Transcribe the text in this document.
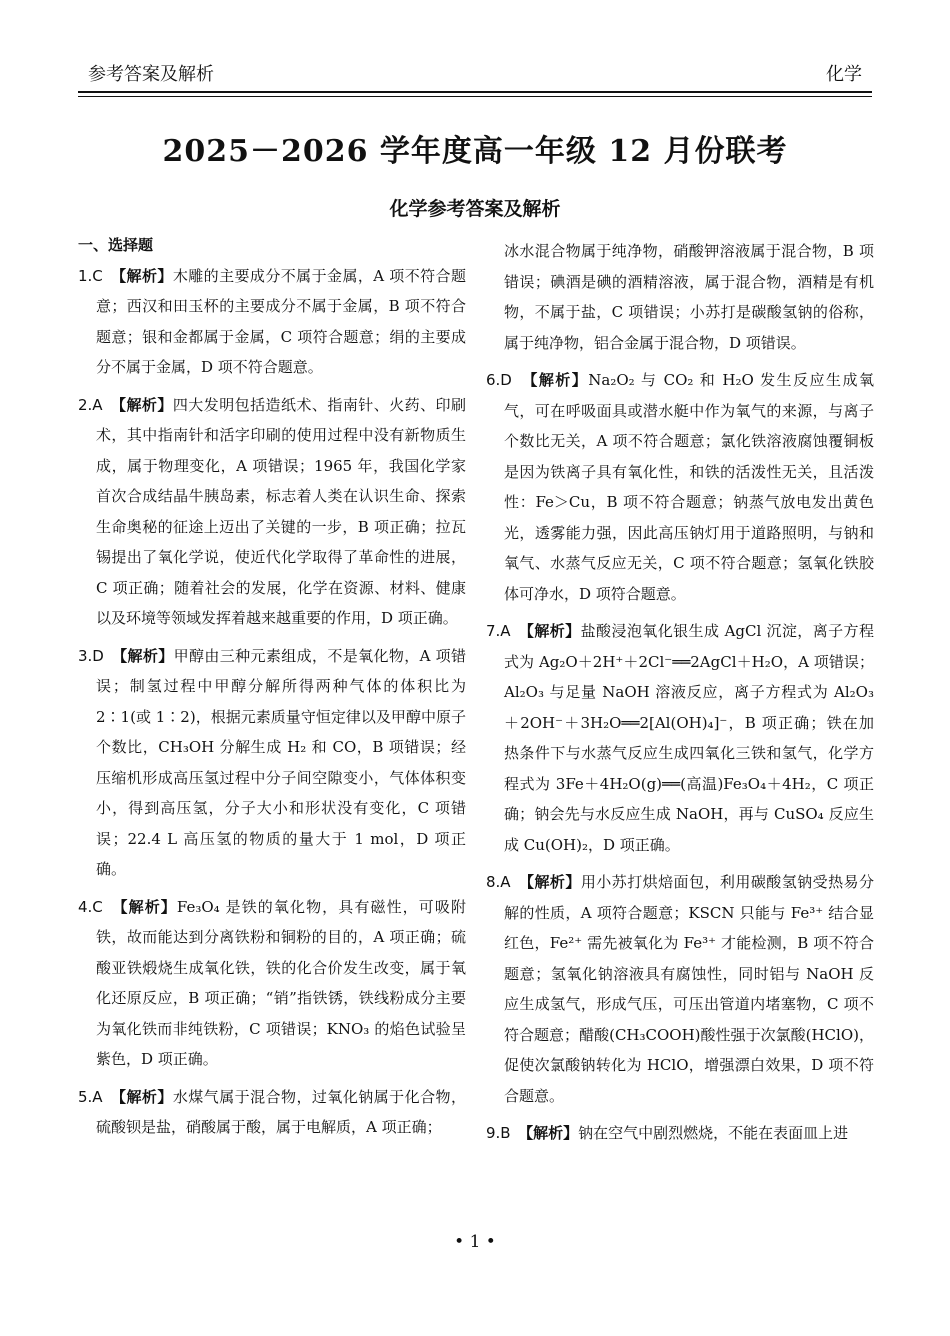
参考答案及解析	化学
2025－2026 学年度高一年级 12 月份联考
化学参考答案及解析
一、选择题
1.C　 【解析】木雕的主要成分不属于金属，A 项不符合题意；西汉和田玉杯的主要成分不属于金属，B 项不符合题意；银和金都属于金属，C 项符合题意；绢的主要成分不属于金属，D 项不符合题意。
2.A　 【解析】四大发明包括造纸术、指南针、火药、印刷术，其中指南针和活字印刷的使用过程中没有新物质生成，属于物理变化，A 项错误；1965 年，我国化学家首次合成结晶牛胰岛素，标志着人类在认识生命、探索生命奥秘的征途上迈出了关键的一步，B 项正确；拉瓦锡提出了氧化学说，使近代化学取得了革命性的进展，C 项正确；随着社会的发展，化学在资源、材料、健康以及环境等领域发挥着越来越重要的作用，D 项正确。
3.D　 【解析】甲醇由三种元素组成，不是氧化物，A 项错误；制氢过程中甲醇分解所得两种气体的体积比为 2∶1(或 1∶2)，根据元素质量守恒定律以及甲醇中原子个数比，CH₃OH 分解生成 H₂ 和 CO，B 项错误；经压缩机形成高压氢过程中分子间空隙变小，气体体积变小，得到高压氢，分子大小和形状没有变化，C 项错误；22.4 L 高压氢的物质的量大于 1 mol，D 项正确。
4.C　 【解析】Fe₃O₄ 是铁的氧化物，具有磁性，可吸附铁，故而能达到分离铁粉和铜粉的目的，A 项正确；硫酸亚铁煅烧生成氧化铁，铁的化合价发生改变，属于氧化还原反应，B 项正确；“销”指铁锈，铁线粉成分主要为氧化铁而非纯铁粉，C 项错误；KNO₃ 的焰色试验呈紫色，D 项正确。
5.A　 【解析】水煤气属于混合物，过氧化钠属于化合物，硫酸钡是盐，硝酸属于酸，属于电解质，A 项正确；
冰水混合物属于纯净物，硝酸钾溶液属于混合物，B 项错误；碘酒是碘的酒精溶液，属于混合物，酒精是有机物，不属于盐，C 项错误；小苏打是碳酸氢钠的俗称，属于纯净物，铝合金属于混合物，D 项错误。
6.D　 【解析】Na₂O₂ 与 CO₂ 和 H₂O 发生反应生成氧气，可在呼吸面具或潜水艇中作为氧气的来源，与离子个数比无关，A 项不符合题意；氯化铁溶液腐蚀覆铜板是因为铁离子具有氧化性，和铁的活泼性无关，且活泼性：Fe＞Cu，B 项不符合题意；钠蒸气放电发出黄色光，透雾能力强，因此高压钠灯用于道路照明，与钠和氧气、水蒸气反应无关，C 项不符合题意；氢氧化铁胶体可净水，D 项符合题意。
7.A　 【解析】盐酸浸泡氧化银生成 AgCl 沉淀，离子方程式为 Ag₂O＋2H⁺＋2Cl⁻══2AgCl＋H₂O，A 项错误；Al₂O₃ 与足量 NaOH 溶液反应，离子方程式为 Al₂O₃＋2OH⁻＋3H₂O══2[Al(OH)₄]⁻，B 项正确；铁在加热条件下与水蒸气反应生成四氧化三铁和氢气，化学方程式为 3Fe＋4H₂O(g)══(高温)Fe₃O₄＋4H₂，C 项正确；钠会先与水反应生成 NaOH，再与 CuSO₄ 反应生成 Cu(OH)₂，D 项正确。
8.A　 【解析】用小苏打烘焙面包，利用碳酸氢钠受热易分解的性质，A 项符合题意；KSCN 只能与 Fe³⁺ 结合显红色，Fe²⁺ 需先被氧化为 Fe³⁺ 才能检测，B 项不符合题意；氢氧化钠溶液具有腐蚀性，同时铝与 NaOH 反应生成氢气，形成气压，可压出管道内堵塞物，C 项不符合题意；醋酸(CH₃COOH)酸性强于次氯酸(HClO)，促使次氯酸钠转化为 HClO，增强漂白效果，D 项不符合题意。
9.B　 【解析】钠在空气中剧烈燃烧，不能在表面皿上进
• 1 •
